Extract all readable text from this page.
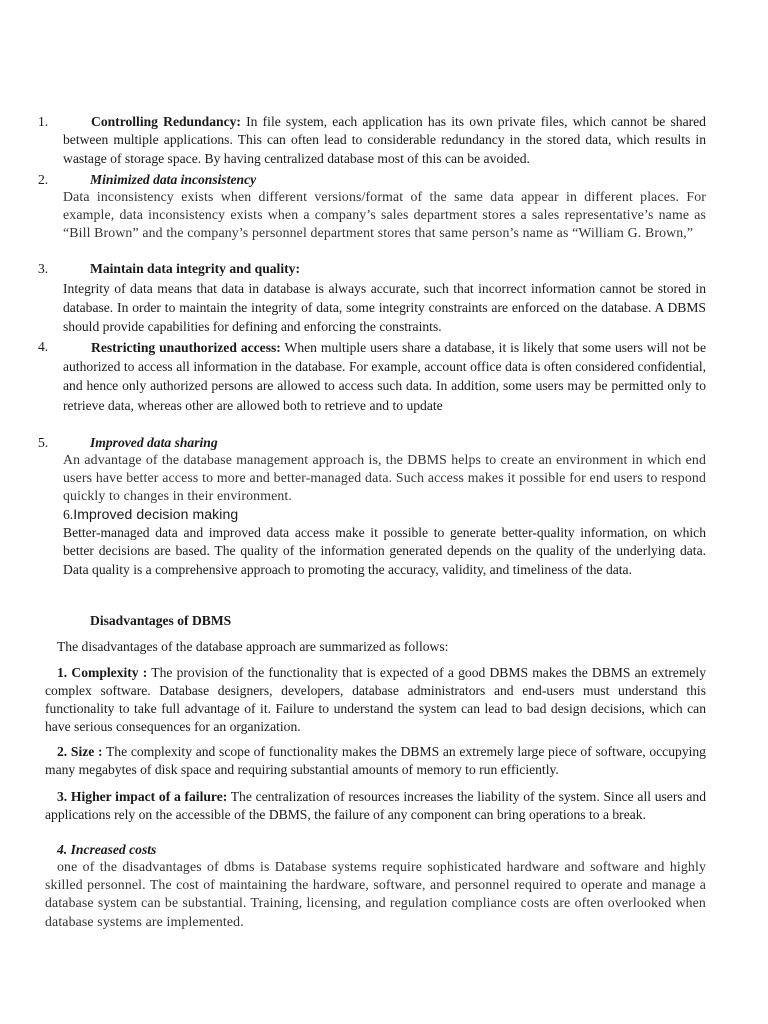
1.	Controlling Redundancy: In file system, each application has its own private files, which cannot be shared between multiple applications. This can often lead to considerable redundancy in the stored data, which results in wastage of storage space. By having centralized database most of this can be avoided.
2.	Minimized data inconsistency
Data inconsistency exists when different versions/format of the same data appear in different places. For example, data inconsistency exists when a company’s sales department stores a sales representative’s name as “Bill Brown” and the company’s personnel department stores that same person’s name as “William G. Brown,”
3.	Maintain data integrity and quality:
Integrity of data means that data in database is always accurate, such that incorrect information cannot be stored in database. In order to maintain the integrity of data, some integrity constraints are enforced on the database. A DBMS should provide capabilities for defining and enforcing the constraints.
4.	Restricting unauthorized access: When multiple users share a database, it is likely that some users will not be authorized to access all information in the database. For example, account office data is often considered confidential, and hence only authorized persons are allowed to access such data. In addition, some users may be permitted only to retrieve data, whereas other are allowed both to retrieve and to update
5.	Improved data sharing
An advantage of the database management approach is, the DBMS helps to create an environment in which end users have better access to more and better-managed data. Such access makes it possible for end users to respond quickly to changes in their environment.
6.Improved decision making
Better-managed data and improved data access make it possible to generate better-quality information, on which better decisions are based. The quality of the information generated depends on the quality of the underlying data. Data quality is a comprehensive approach to promoting the accuracy, validity, and timeliness of the data.
Disadvantages of DBMS
The disadvantages of the database approach are summarized as follows:
1. Complexity : The provision of the functionality that is expected of a good DBMS makes the DBMS an extremely complex software. Database designers, developers, database administrators and end-users must understand this functionality to take full advantage of it. Failure to understand the system can lead to bad design decisions, which can have serious consequences for an organization.
2. Size : The complexity and scope of functionality makes the DBMS an extremely large piece of software, occupying many megabytes of disk space and requiring substantial amounts of memory to run efficiently.
3. Higher impact of a failure: The centralization of resources increases the liability of the system. Since all users and applications rely on the accessible of the DBMS, the failure of any component can bring operations to a break.
4. Increased costs
one of the disadvantages of dbms is Database systems require sophisticated hardware and software and highly skilled personnel. The cost of maintaining the hardware, software, and personnel required to operate and manage a database system can be substantial. Training, licensing, and regulation compliance costs are often overlooked when database systems are implemented.
